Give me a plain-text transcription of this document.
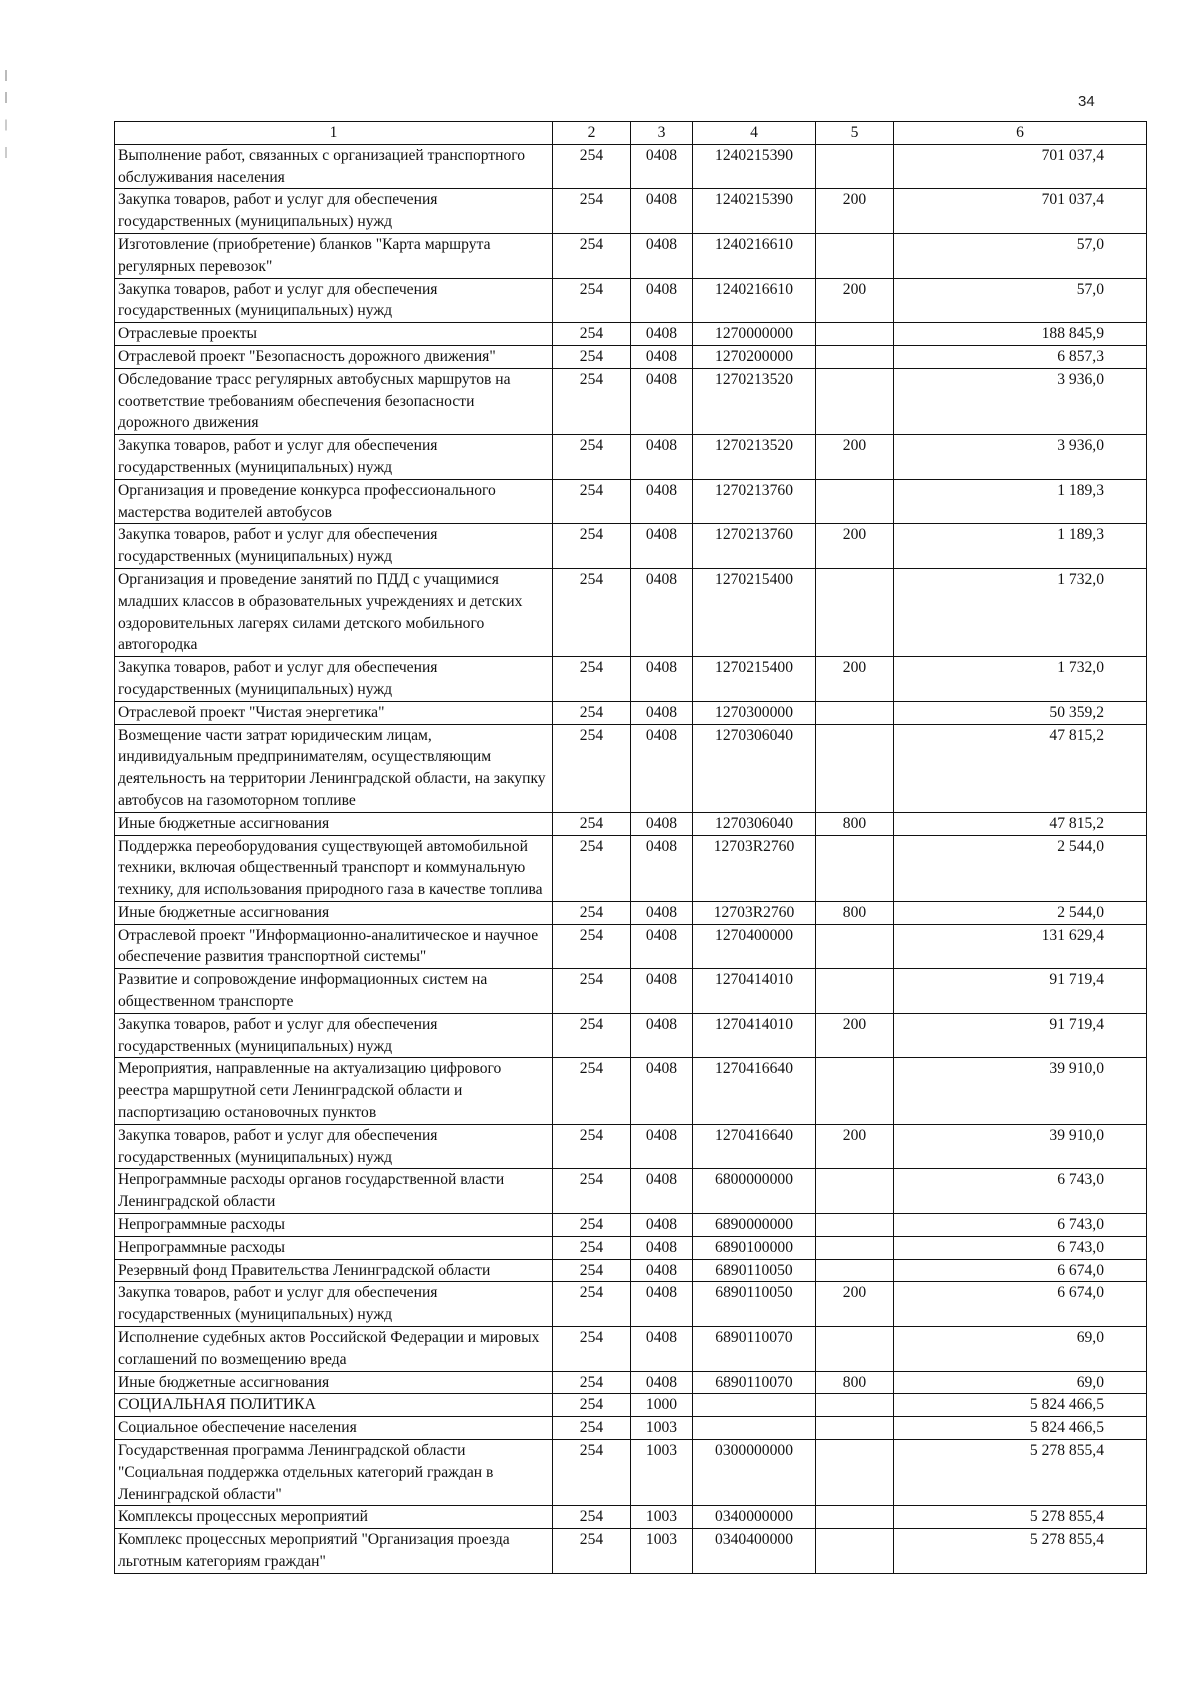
34
1	2	3	4	5	6
Выполнение работ, связанных с организацией транспортного обслуживания населения	254	0408	1240215390		701 037,4
Закупка товаров, работ и услуг для обеспечения государственных (муниципальных) нужд	254	0408	1240215390	200	701 037,4
Изготовление (приобретение) бланков "Карта маршрута регулярных перевозок"	254	0408	1240216610		57,0
Закупка товаров, работ и услуг для обеспечения государственных (муниципальных) нужд	254	0408	1240216610	200	57,0
Отраслевые проекты	254	0408	1270000000		188 845,9
Отраслевой проект "Безопасность дорожного движения"	254	0408	1270200000		6 857,3
Обследование трасс регулярных автобусных маршрутов на соответствие требованиям обеспечения безопасности дорожного движения	254	0408	1270213520		3 936,0
Закупка товаров, работ и услуг для обеспечения государственных (муниципальных) нужд	254	0408	1270213520	200	3 936,0
Организация и проведение конкурса профессионального мастерства водителей автобусов	254	0408	1270213760		1 189,3
Закупка товаров, работ и услуг для обеспечения государственных (муниципальных) нужд	254	0408	1270213760	200	1 189,3
Организация и проведение занятий по ПДД с учащимися младших классов в образовательных учреждениях и детских оздоровительных лагерях силами детского мобильного автогородка	254	0408	1270215400		1 732,0
Закупка товаров, работ и услуг для обеспечения государственных (муниципальных) нужд	254	0408	1270215400	200	1 732,0
Отраслевой проект "Чистая энергетика"	254	0408	1270300000		50 359,2
Возмещение части затрат юридическим лицам, индивидуальным предпринимателям, осуществляющим деятельность на территории Ленинградской области, на закупку автобусов на газомоторном топливе	254	0408	1270306040		47 815,2
Иные бюджетные ассигнования	254	0408	1270306040	800	47 815,2
Поддержка переоборудования существующей автомобильной техники, включая общественный транспорт и коммунальную технику, для использования природного газа в качестве топлива	254	0408	12703R2760		2 544,0
Иные бюджетные ассигнования	254	0408	12703R2760	800	2 544,0
Отраслевой проект "Информационно-аналитическое и научное обеспечение развития транспортной системы"	254	0408	1270400000		131 629,4
Развитие и сопровождение информационных систем на общественном транспорте	254	0408	1270414010		91 719,4
Закупка товаров, работ и услуг для обеспечения государственных (муниципальных) нужд	254	0408	1270414010	200	91 719,4
Мероприятия, направленные на актуализацию цифрового реестра маршрутной сети Ленинградской области и паспортизацию остановочных пунктов	254	0408	1270416640		39 910,0
Закупка товаров, работ и услуг для обеспечения государственных (муниципальных) нужд	254	0408	1270416640	200	39 910,0
Непрограммные расходы органов государственной власти Ленинградской области	254	0408	6800000000		6 743,0
Непрограммные расходы	254	0408	6890000000		6 743,0
Непрограммные расходы	254	0408	6890100000		6 743,0
Резервный фонд Правительства Ленинградской области	254	0408	6890110050		6 674,0
Закупка товаров, работ и услуг для обеспечения государственных (муниципальных) нужд	254	0408	6890110050	200	6 674,0
Исполнение судебных актов Российской Федерации и мировых соглашений по возмещению вреда	254	0408	6890110070		69,0
Иные бюджетные ассигнования	254	0408	6890110070	800	69,0
СОЦИАЛЬНАЯ ПОЛИТИКА	254	1000			5 824 466,5
Социальное обеспечение населения	254	1003			5 824 466,5
Государственная программа Ленинградской области "Социальная поддержка отдельных категорий граждан в Ленинградской области"	254	1003	0300000000		5 278 855,4
Комплексы процессных мероприятий	254	1003	0340000000		5 278 855,4
Комплекс процессных мероприятий "Организация проезда льготным категориям граждан"	254	1003	0340400000		5 278 855,4
